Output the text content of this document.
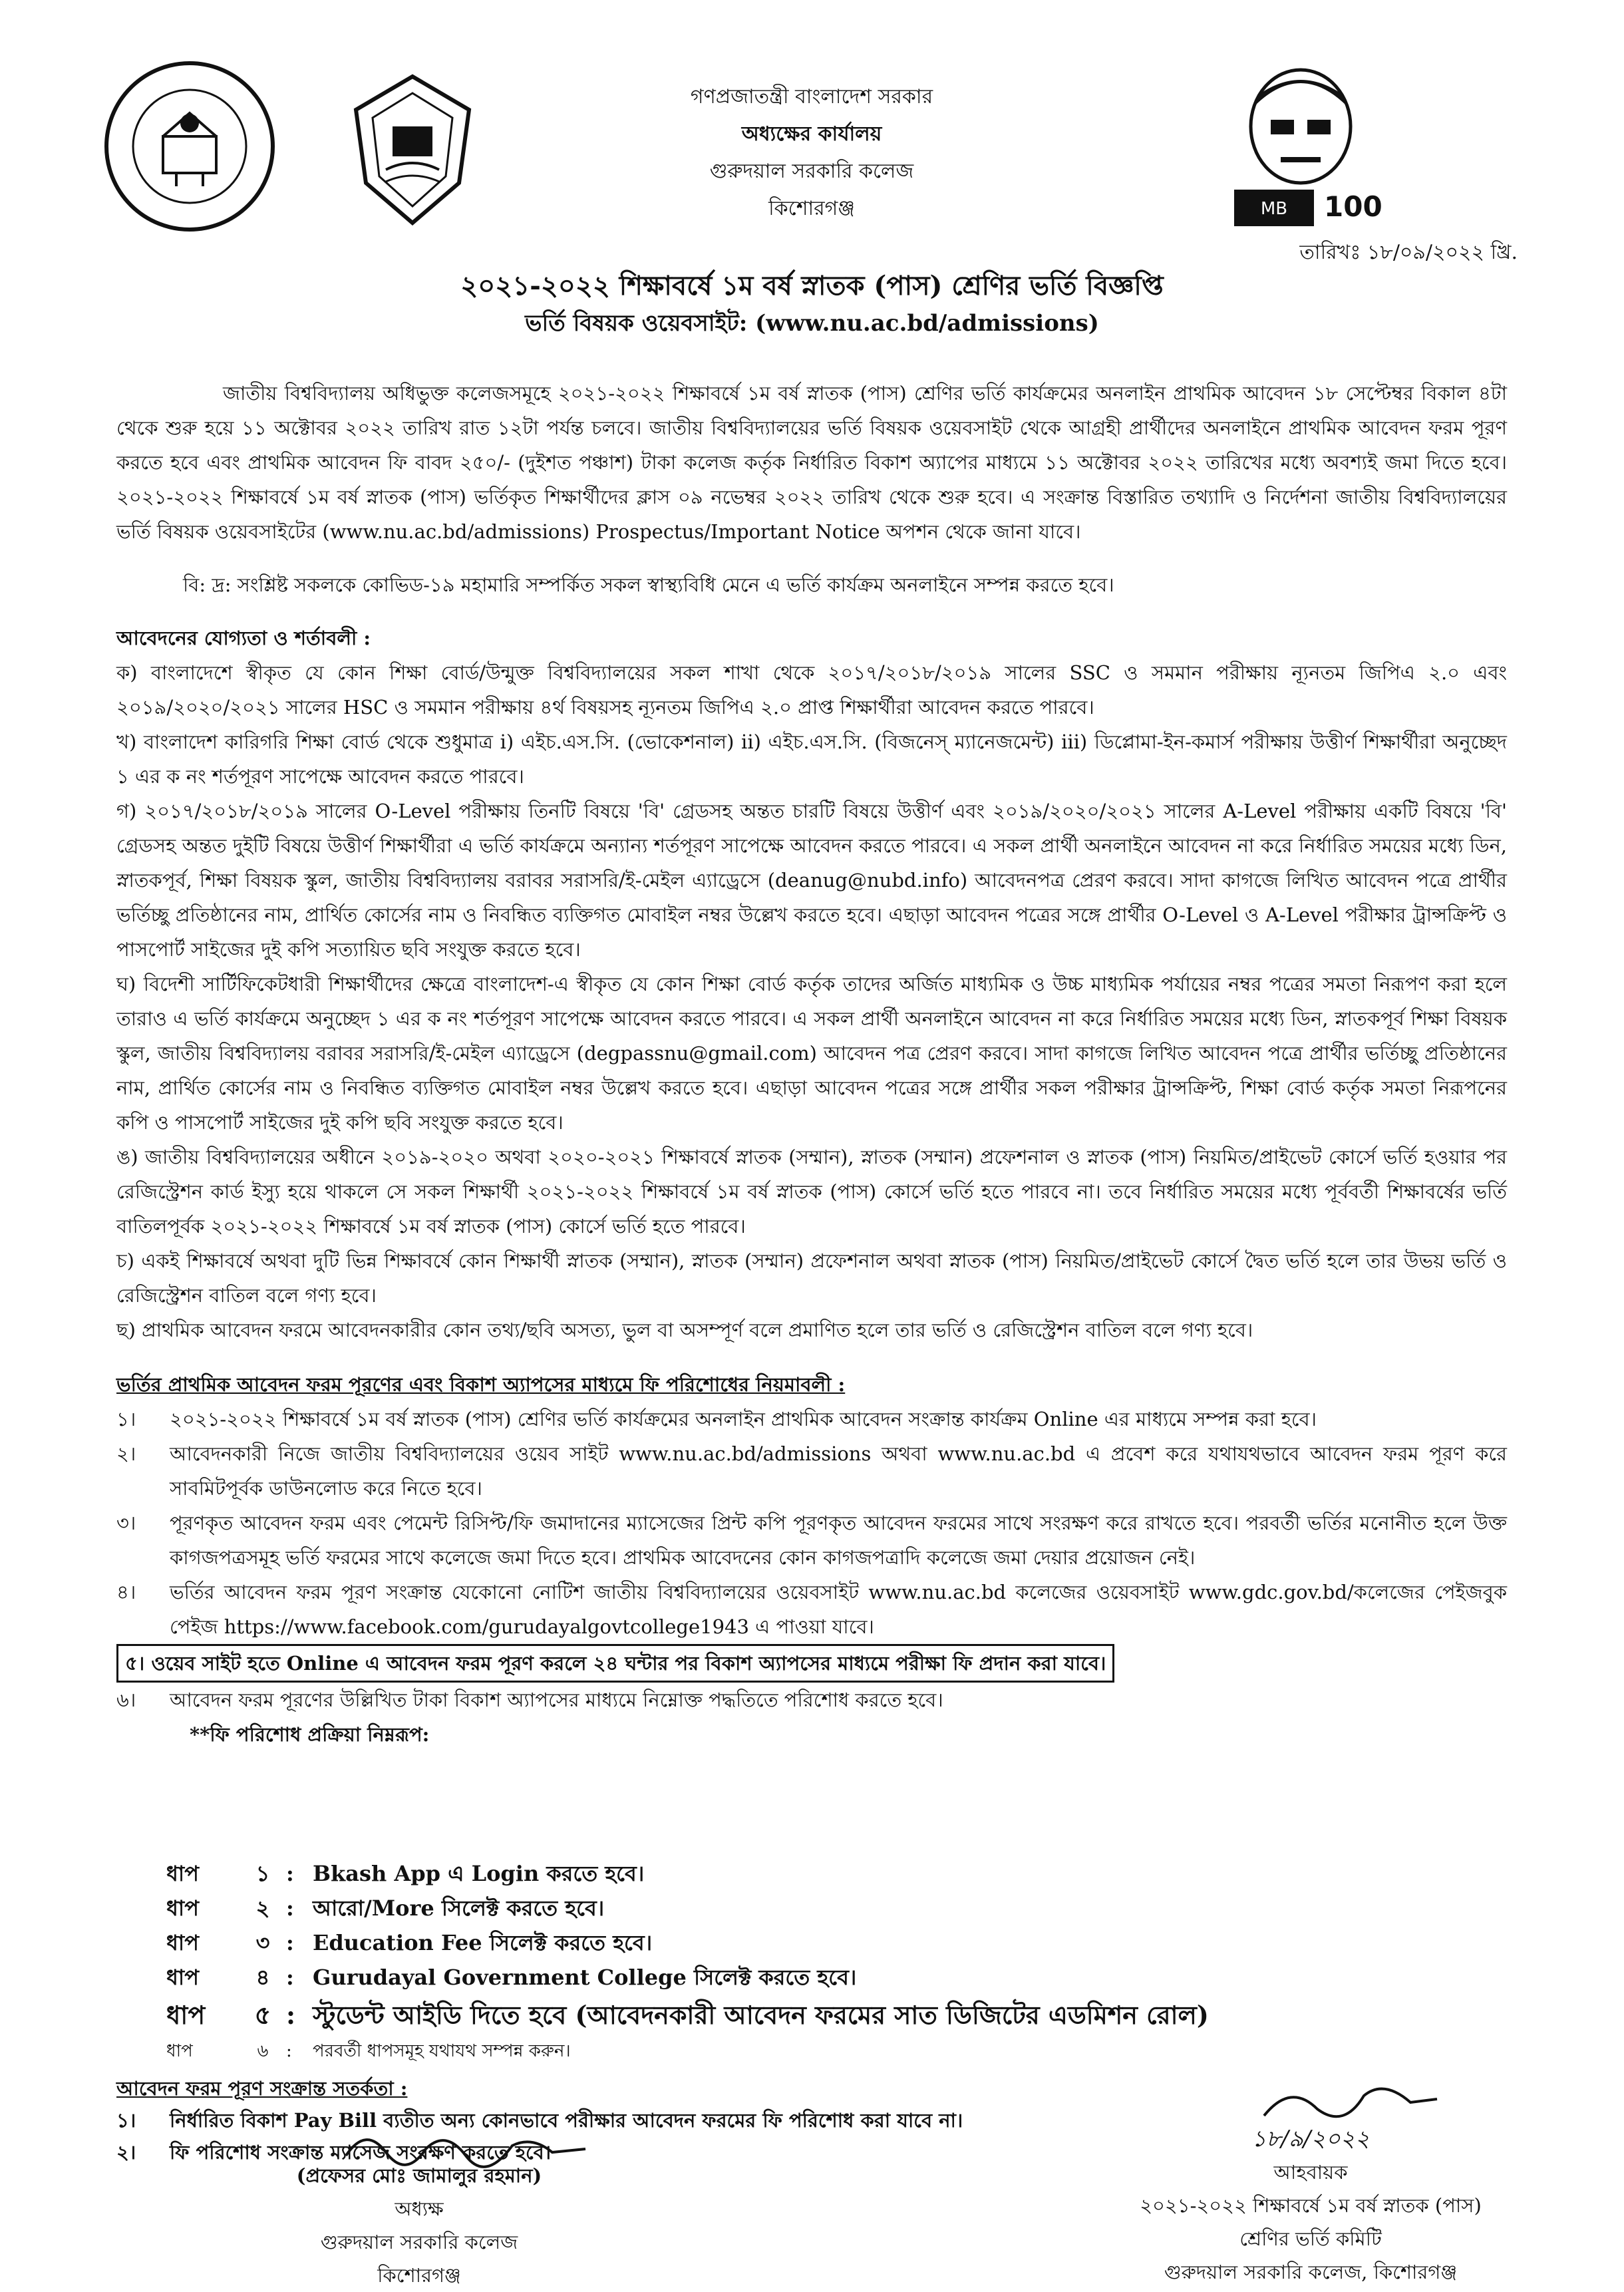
গণপ্রজাতন্ত্রী বাংলাদেশ সরকার
অধ্যক্ষের কার্যালয়
গুরুদয়াল সরকারি কলেজ
কিশোরগঞ্জ	MB 100
তারিখঃ ১৮/০৯/২০২২ খ্রি.
২০২১-২০২২ শিক্ষাবর্ষে ১ম বর্ষ স্নাতক (পাস) শ্রেণির ভর্তি বিজ্ঞপ্তি
ভর্তি বিষয়ক ওয়েবসাইট: (www.nu.ac.bd/admissions)

জাতীয় বিশ্ববিদ্যালয় অধিভুক্ত কলেজসমূহে ২০২১-২০২২ শিক্ষাবর্ষে ১ম বর্ষ স্নাতক (পাস) শ্রেণির ভর্তি কার্যক্রমের অনলাইন প্রাথমিক আবেদন ১৮ সেপ্টেম্বর বিকাল ৪টা থেকে শুরু হয়ে ১১ অক্টোবর ২০২২ তারিখ রাত ১২টা পর্যন্ত চলবে। জাতীয় বিশ্ববিদ্যালয়ের ভর্তি বিষয়ক ওয়েবসাইট থেকে আগ্রহী প্রার্থীদের অনলাইনে প্রাথমিক আবেদন ফরম পূরণ করতে হবে এবং প্রাথমিক আবেদন ফি বাবদ ২৫০/- (দুইশত পঞ্চাশ) টাকা কলেজ কর্তৃক নির্ধারিত বিকাশ অ্যাপের মাধ্যমে ১১ অক্টোবর ২০২২ তারিখের মধ্যে অবশ্যই জমা দিতে হবে। ২০২১-২০২২ শিক্ষাবর্ষে ১ম বর্ষ স্নাতক (পাস) ভর্তিকৃত শিক্ষার্থীদের ক্লাস ০৯ নভেম্বর ২০২২ তারিখ থেকে শুরু হবে। এ সংক্রান্ত বিস্তারিত তথ্যাদি ও নির্দেশনা জাতীয় বিশ্ববিদ্যালয়ের ভর্তি বিষয়ক ওয়েবসাইটের (www.nu.ac.bd/admissions) Prospectus/Important Notice অপশন থেকে জানা যাবে।

বি: দ্র: সংশ্লিষ্ট সকলকে কোভিড-১৯ মহামারি সম্পর্কিত সকল স্বাস্থ্যবিধি মেনে এ ভর্তি কার্যক্রম অনলাইনে সম্পন্ন করতে হবে।

আবেদনের যোগ্যতা ও শর্তাবলী :

ক) বাংলাদেশে স্বীকৃত যে কোন শিক্ষা বোর্ড/উন্মুক্ত বিশ্ববিদ্যালয়ের সকল শাখা থেকে ২০১৭/২০১৮/২০১৯ সালের SSC ও সমমান পরীক্ষায় ন্যূনতম জিপিএ ২.০ এবং ২০১৯/২০২০/২০২১ সালের HSC ও সমমান পরীক্ষায় ৪র্থ বিষয়সহ ন্যূনতম জিপিএ ২.০ প্রাপ্ত শিক্ষার্থীরা আবেদন করতে পারবে।

খ) বাংলাদেশ কারিগরি শিক্ষা বোর্ড থেকে শুধুমাত্র i) এইচ.এস.সি. (ভোকেশনাল) ii) এইচ.এস.সি. (বিজনেস্ ম্যানেজমেন্ট) iii) ডিপ্লোমা-ইন-কমার্স পরীক্ষায় উত্তীর্ণ শিক্ষার্থীরা অনুচ্ছেদ ১ এর ক নং শর্তপূরণ সাপেক্ষে আবেদন করতে পারবে।

গ) ২০১৭/২০১৮/২০১৯ সালের O-Level পরীক্ষায় তিনটি বিষয়ে 'বি' গ্রেডসহ অন্তত চারটি বিষয়ে উত্তীর্ণ এবং ২০১৯/২০২০/২০২১ সালের A-Level পরীক্ষায় একটি বিষয়ে 'বি' গ্রেডসহ অন্তত দুইটি বিষয়ে উত্তীর্ণ শিক্ষার্থীরা এ ভর্তি কার্যক্রমে অন্যান্য শর্তপূরণ সাপেক্ষে আবেদন করতে পারবে। এ সকল প্রার্থী অনলাইনে আবেদন না করে নির্ধারিত সময়ের মধ্যে ডিন, স্নাতকপূর্ব, শিক্ষা বিষয়ক স্কুল, জাতীয় বিশ্ববিদ্যালয় বরাবর সরাসরি/ই-মেইল এ্যাড্রেসে (deanug@nubd.info) আবেদনপত্র প্রেরণ করবে। সাদা কাগজে লিখিত আবেদন পত্রে প্রার্থীর ভর্তিচ্ছু প্রতিষ্ঠানের নাম, প্রার্থিত কোর্সের নাম ও নিবন্ধিত ব্যক্তিগত মোবাইল নম্বর উল্লেখ করতে হবে। এছাড়া আবেদন পত্রের সঙ্গে প্রার্থীর O-Level ও A-Level পরীক্ষার ট্রান্সক্রিপ্ট ও পাসপোর্ট সাইজের দুই কপি সত্যায়িত ছবি সংযুক্ত করতে হবে।

ঘ) বিদেশী সার্টিফিকেটধারী শিক্ষার্থীদের ক্ষেত্রে বাংলাদেশ-এ স্বীকৃত যে কোন শিক্ষা বোর্ড কর্তৃক তাদের অর্জিত মাধ্যমিক ও উচ্চ মাধ্যমিক পর্যায়ের নম্বর পত্রের সমতা নিরূপণ করা হলে তারাও এ ভর্তি কার্যক্রমে অনুচ্ছেদ ১ এর ক নং শর্তপূরণ সাপেক্ষে আবেদন করতে পারবে। এ সকল প্রার্থী অনলাইনে আবেদন না করে নির্ধারিত সময়ের মধ্যে ডিন, স্নাতকপূর্ব শিক্ষা বিষয়ক স্কুল, জাতীয় বিশ্ববিদ্যালয় বরাবর সরাসরি/ই-মেইল এ্যাড্রেসে (degpassnu@gmail.com) আবেদন পত্র প্রেরণ করবে। সাদা কাগজে লিখিত আবেদন পত্রে প্রার্থীর ভর্তিচ্ছু প্রতিষ্ঠানের নাম, প্রার্থিত কোর্সের নাম ও নিবন্ধিত ব্যক্তিগত মোবাইল নম্বর উল্লেখ করতে হবে। এছাড়া আবেদন পত্রের সঙ্গে প্রার্থীর সকল পরীক্ষার ট্রান্সক্রিপ্ট, শিক্ষা বোর্ড কর্তৃক সমতা নিরূপনের কপি ও পাসপোর্ট সাইজের দুই কপি ছবি সংযুক্ত করতে হবে।

ঙ) জাতীয় বিশ্ববিদ্যালয়ের অধীনে ২০১৯-২০২০ অথবা ২০২০-২০২১ শিক্ষাবর্ষে স্নাতক (সম্মান), স্নাতক (সম্মান) প্রফেশনাল ও স্নাতক (পাস) নিয়মিত/প্রাইভেট কোর্সে ভর্তি হওয়ার পর রেজিস্ট্রেশন কার্ড ইস্যু হয়ে থাকলে সে সকল শিক্ষার্থী ২০২১-২০২২ শিক্ষাবর্ষে ১ম বর্ষ স্নাতক (পাস) কোর্সে ভর্তি হতে পারবে না। তবে নির্ধারিত সময়ের মধ্যে পূর্ববর্তী শিক্ষাবর্ষের ভর্তি বাতিলপূর্বক ২০২১-২০২২ শিক্ষাবর্ষে ১ম বর্ষ স্নাতক (পাস) কোর্সে ভর্তি হতে পারবে।

চ) একই শিক্ষাবর্ষে অথবা দুটি ভিন্ন শিক্ষাবর্ষে কোন শিক্ষার্থী স্নাতক (সম্মান), স্নাতক (সম্মান) প্রফেশনাল অথবা স্নাতক (পাস) নিয়মিত/প্রাইভেট কোর্সে দ্বৈত ভর্তি হলে তার উভয় ভর্তি ও রেজিস্ট্রেশন বাতিল বলে গণ্য হবে।

ছ) প্রাথমিক আবেদন ফরমে আবেদনকারীর কোন তথ্য/ছবি অসত্য, ভুল বা অসম্পূর্ণ বলে প্রমাণিত হলে তার ভর্তি ও রেজিস্ট্রেশন বাতিল বলে গণ্য হবে।

ভর্তির প্রাথমিক আবেদন ফরম পূরণের এবং বিকাশ অ্যাপসের মাধ্যমে ফি পরিশোধের নিয়মাবলী :

১।	২০২১-২০২২ শিক্ষাবর্ষে ১ম বর্ষ স্নাতক (পাস) শ্রেণির ভর্তি কার্যক্রমের অনলাইন প্রাথমিক আবেদন সংক্রান্ত কার্যক্রম Online এর মাধ্যমে সম্পন্ন করা হবে।
২।	আবেদনকারী নিজে জাতীয় বিশ্ববিদ্যালয়ের ওয়েব সাইট www.nu.ac.bd/admissions অথবা www.nu.ac.bd এ প্রবেশ করে যথাযথভাবে আবেদন ফরম পূরণ করে সাবমিটপূর্বক ডাউনলোড করে নিতে হবে।
৩।	পূরণকৃত আবেদন ফরম এবং পেমেন্ট রিসিপ্ট/ফি জমাদানের ম্যাসেজের প্রিন্ট কপি পূরণকৃত আবেদন ফরমের সাথে সংরক্ষণ করে রাখতে হবে। পরবর্তী ভর্তির মনোনীত হলে উক্ত কাগজপত্রসমূহ ভর্তি ফরমের সাথে কলেজে জমা দিতে হবে। প্রাথমিক আবেদনের কোন কাগজপত্রাদি কলেজে জমা দেয়ার প্রয়োজন নেই।
৪।	ভর্তির আবেদন ফরম পূরণ সংক্রান্ত যেকোনো নোটিশ জাতীয় বিশ্ববিদ্যালয়ের ওয়েবসাইট www.nu.ac.bd কলেজের ওয়েবসাইট www.gdc.gov.bd/কলেজের পেইজবুক পেইজ https://www.facebook.com/gurudayalgovtcollege1943 এ পাওয়া যাবে।
৫। ওয়েব সাইট হতে Online এ আবেদন ফরম পূরণ করলে ২৪ ঘন্টার পর বিকাশ অ্যাপসের মাধ্যমে পরীক্ষা ফি প্রদান করা যাবে।
৬।	আবেদন ফরম পূরণের উল্লিখিত টাকা বিকাশ অ্যাপসের মাধ্যমে নিম্নোক্ত পদ্ধতিতে পরিশোধ করতে হবে।

**ফি পরিশোধ প্রক্রিয়া নিম্নরূপ:

ধাপ	১ : Bkash App এ Login করতে হবে।
ধাপ	২ : আরো/More সিলেক্ট করতে হবে।
ধাপ	৩ : Education Fee সিলেক্ট করতে হবে।
ধাপ	৪ : Gurudayal Government College সিলেক্ট করতে হবে।
ধাপ	৫ : স্টুডেন্ট আইডি দিতে হবে (আবেদনকারী আবেদন ফরমের সাত ডিজিটের এডমিশন রোল)
ধাপ	৬	:	পরবর্তী ধাপসমূহ যথাযথ সম্পন্ন করুন।

আবেদন ফরম পূরণ সংক্রান্ত সতর্কতা :

১।	নির্ধারিত বিকাশ Pay Bill ব্যতীত অন্য কোনভাবে পরীক্ষার আবেদন ফরমের ফি পরিশোধ করা যাবে না।
২।	ফি পরিশোধ সংক্রান্ত ম্যাসেজ সংরক্ষণ করতে হবে।
(প্রফেসর মোঃ জামালুর রহমান)
অধ্যক্ষ
গুরুদয়াল সরকারি কলেজ
কিশোরগঞ্জ
১৮/৯/২০২২
আহবায়ক
২০২১-২০২২ শিক্ষাবর্ষে ১ম বর্ষ স্নাতক (পাস)
শ্রেণির ভর্তি কমিটি
গুরুদয়াল সরকারি কলেজ, কিশোরগঞ্জ
